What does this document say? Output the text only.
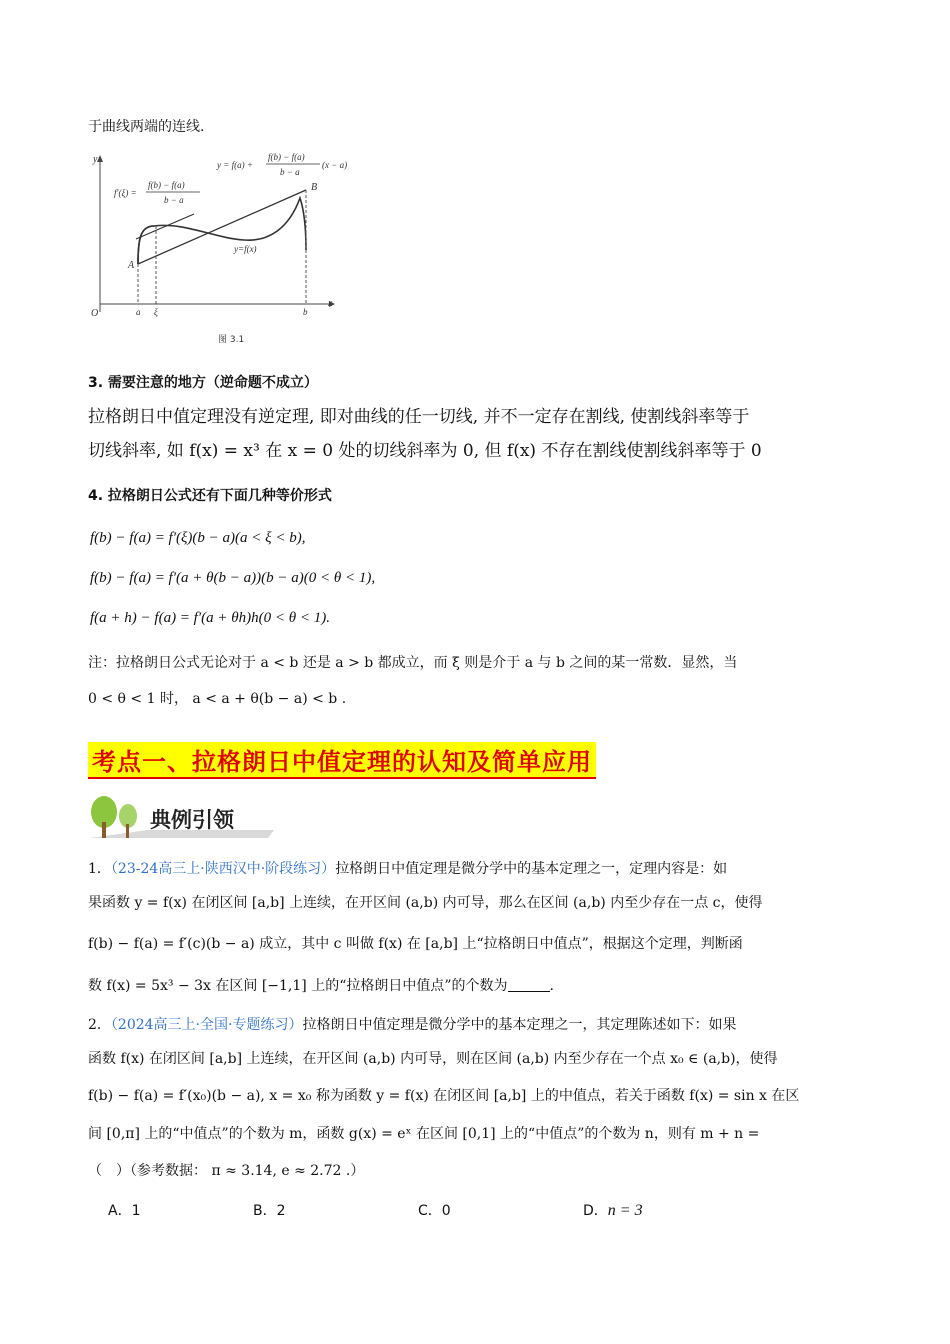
于曲线两端的连线.
y
x
O
A
B
a ξ	b
y=f(x)
y = f(a) +
f(b) − f(a)
b − a
(x − a)
f′(ξ) =
f(b) − f(a)
b − a
图 3.1
3. 需要注意的地方（逆命题不成立）
拉格朗日中值定理没有逆定理, 即对曲线的任一切线, 并不一定存在割线, 使割线斜率等于
切线斜率, 如 f(x) = x³ 在 x = 0 处的切线斜率为 0, 但 f(x) 不存在割线使割线斜率等于 0
4. 拉格朗日公式还有下面几种等价形式
f(b) − f(a) = f′(ξ)(b − a)(a < ξ < b),
f(b) − f(a) = f′(a + θ(b − a))(b − a)(0 < θ < 1),
f(a + h) − f(a) = f′(a + θh)h(0 < θ < 1).
注：拉格朗日公式无论对于 a < b 还是 a > b 都成立，而 ξ 则是介于 a 与 b 之间的某一常数．显然，当
0 < θ < 1 时， a < a + θ(b − a) < b .
考点一、拉格朗日中值定理的认知及简单应用
典例引领
1．（23-24高三上·陕西汉中·阶段练习）拉格朗日中值定理是微分学中的基本定理之一，定理内容是：如
果函数 y = f(x) 在闭区间 [a,b] 上连续，在开区间 (a,b) 内可导，那么在区间 (a,b) 内至少存在一点 c，使得
f(b) − f(a) = f′(c)(b − a) 成立，其中 c 叫做 f(x) 在 [a,b] 上“拉格朗日中值点”，根据这个定理，判断函
数 f(x) = 5x³ − 3x 在区间 [−1,1] 上的“拉格朗日中值点”的个数为	.
2．（2024高三上·全国·专题练习）拉格朗日中值定理是微分学中的基本定理之一，其定理陈述如下：如果
函数 f(x) 在闭区间 [a,b] 上连续，在开区间 (a,b) 内可导，则在区间 (a,b) 内至少存在一个点 x₀ ∈ (a,b)，使得
f(b) − f(a) = f′(x₀)(b − a), x = x₀ 称为函数 y = f(x) 在闭区间 [a,b] 上的中值点，若关于函数 f(x) = sin x 在区
间 [0,π] 上的“中值点”的个数为 m，函数 g(x) = eˣ 在区间 [0,1] 上的“中值点”的个数为 n，则有 m + n =
（　）（参考数据： π ≈ 3.14, e ≈ 2.72 .）
A．1	B．2	C．0	D．n = 3
